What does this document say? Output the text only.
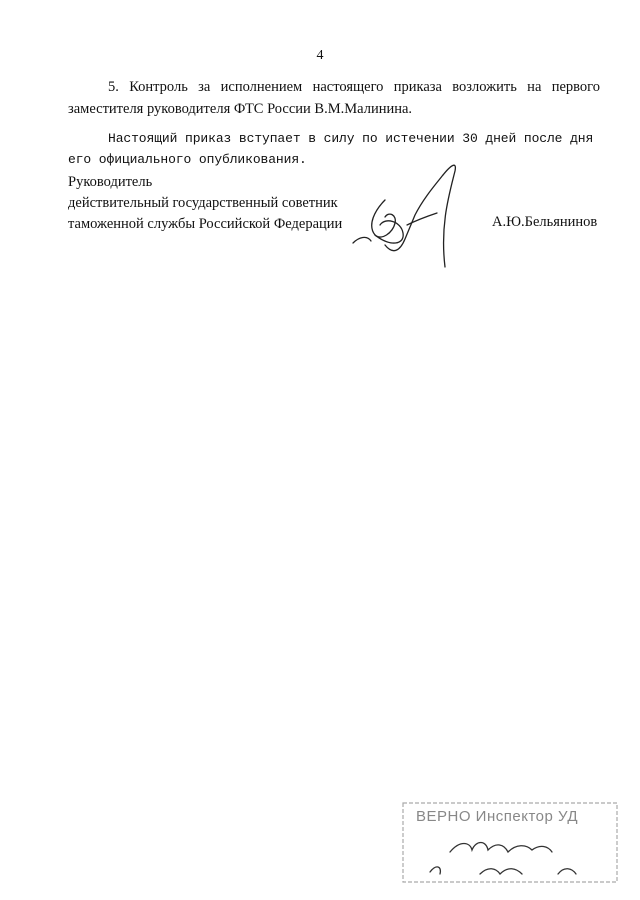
4
5. Контроль за исполнением настоящего приказа возложить на первого заместителя руководителя ФТС России В.М.Малинина.
Настоящий приказ вступает в силу по истечении 30 дней после дня его официального опубликования.
Руководитель
действительный государственный советник
таможенной службы Российской Федерации	А.Ю.Бельянинов
ВЕРНО Инспектор УД
